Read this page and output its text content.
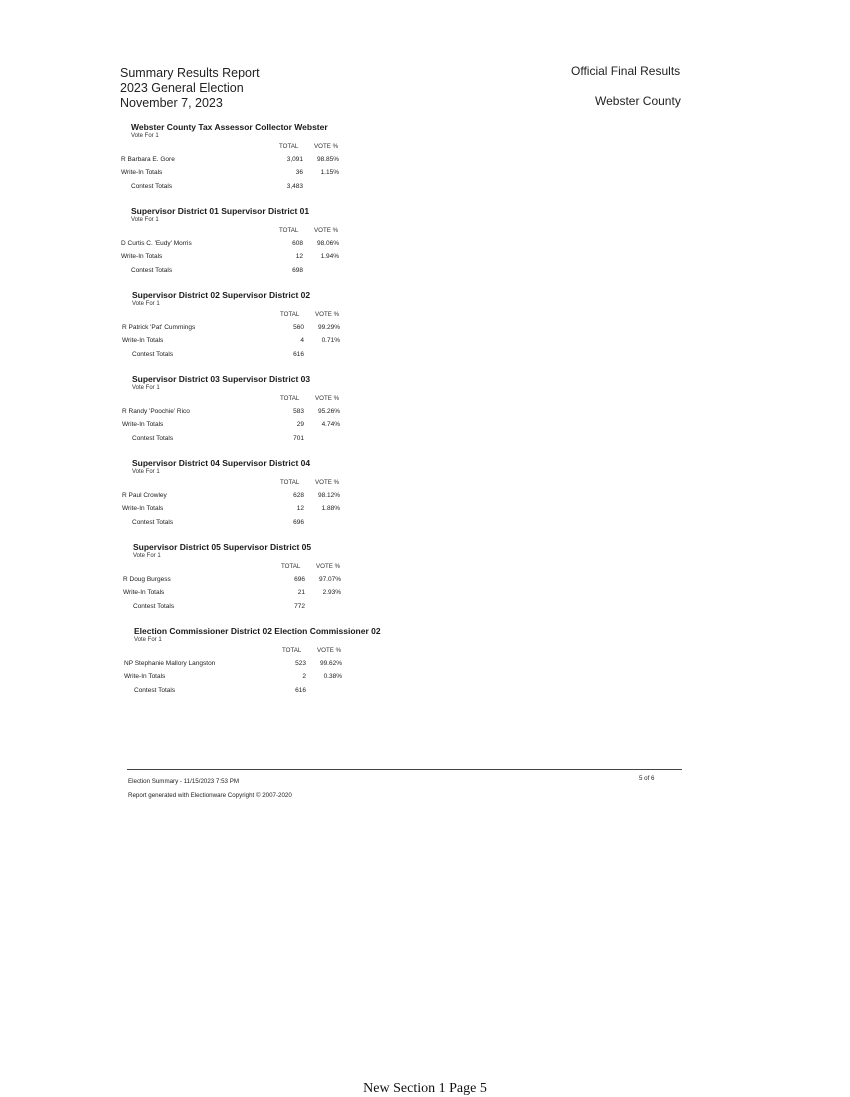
Summary Results Report
2023 General Election
November 7, 2023
Official Final Results
Webster County
Webster County Tax Assessor Collector Webster
Vote For 1
TOTAL	VOTE %
R Barbara E. Gore	3,091 98.85%
Write-In Totals	36	1.15%
Contest Totals	3,483
Supervisor District 01 Supervisor District 01
Vote For 1
TOTAL	VOTE %
D Curtis C. 'Eudy' Morris	608 98.06%
Write-In Totals	12	1.94%
Contest Totals	698
Supervisor District 02 Supervisor District 02
Vote For 1
TOTAL	VOTE %
R Patrick 'Pat' Cummings	560 99.29%
Write-In Totals	4	0.71%
Contest Totals	616
Supervisor District 03 Supervisor District 03
Vote For 1
TOTAL	VOTE %
R Randy 'Poochie' Rico	583 95.26%
Write-In Totals	29	4.74%
Contest Totals	701
Supervisor District 04 Supervisor District 04
Vote For 1
TOTAL	VOTE %
R Paul Crowley	628 98.12%
Write-In Totals	12	1.88%
Contest Totals	696
Supervisor District 05 Supervisor District 05
Vote For 1
TOTAL	VOTE %
R Doug Burgess	696 97.07%
Write-In Totals	21	2.93%
Contest Totals	772
Election Commissioner District 02 Election Commissioner 02
Vote For 1
TOTAL	VOTE %
NP Stephanie Mallory Langston	523 99.62%
Write-In Totals	2	0.38%
Contest Totals	616
Election Summary - 11/15/2023 7:53 PM
Report generated with Electionware Copyright © 2007-2020
5 of 6
New Section 1 Page 5
